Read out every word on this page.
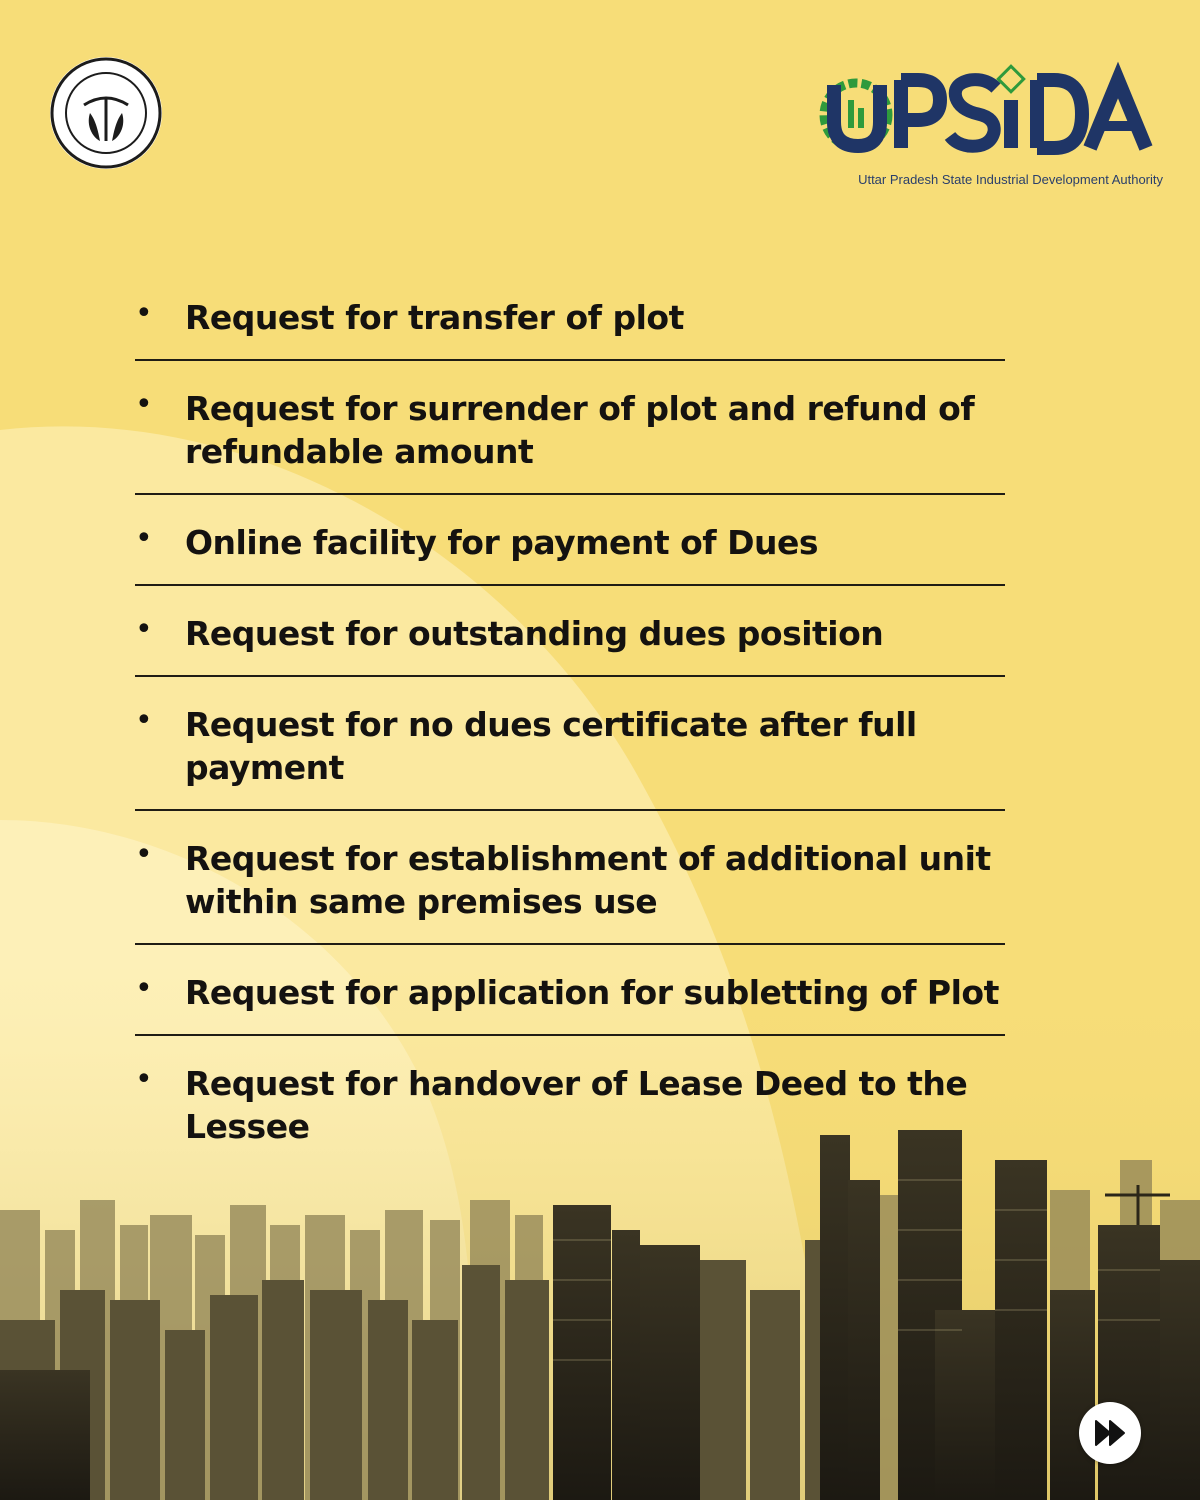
Uttar Pradesh State Industrial Development Authority
• Request for transfer of plot
• Request for surrender of plot and refund of refundable amount
• Online facility for payment of Dues
• Request for outstanding dues position
• Request for no dues certificate after full payment
• Request for establishment of additional unit within same premises use
• Request for application for subletting of Plot
• Request for handover of Lease Deed to the Lessee
